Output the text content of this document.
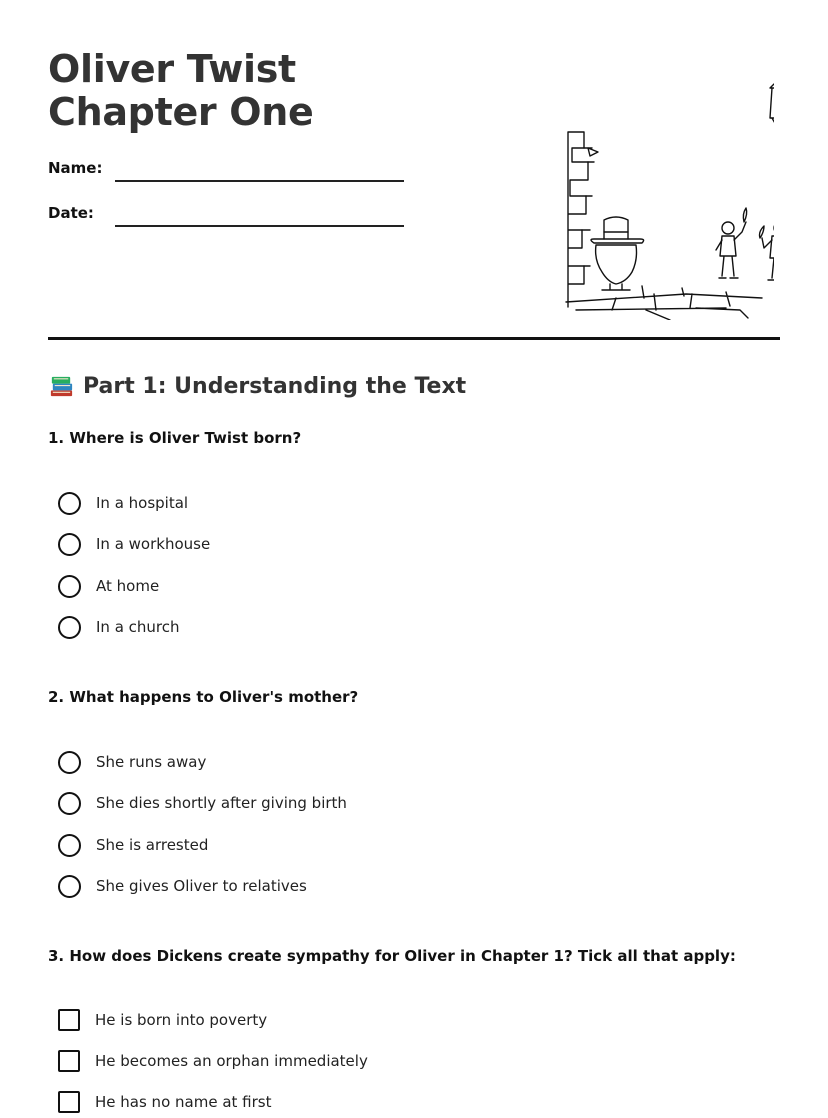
Oliver Twist Chapter One
Name:
Date:
Part 1: Understanding the Text
1. Where is Oliver Twist born?
In a hospital
In a workhouse
At home
In a church
2. What happens to Oliver's mother?
She runs away
She dies shortly after giving birth
She is arrested
She gives Oliver to relatives
3. How does Dickens create sympathy for Oliver in Chapter 1? Tick all that apply:
He is born into poverty
He becomes an orphan immediately
He has no name at first
